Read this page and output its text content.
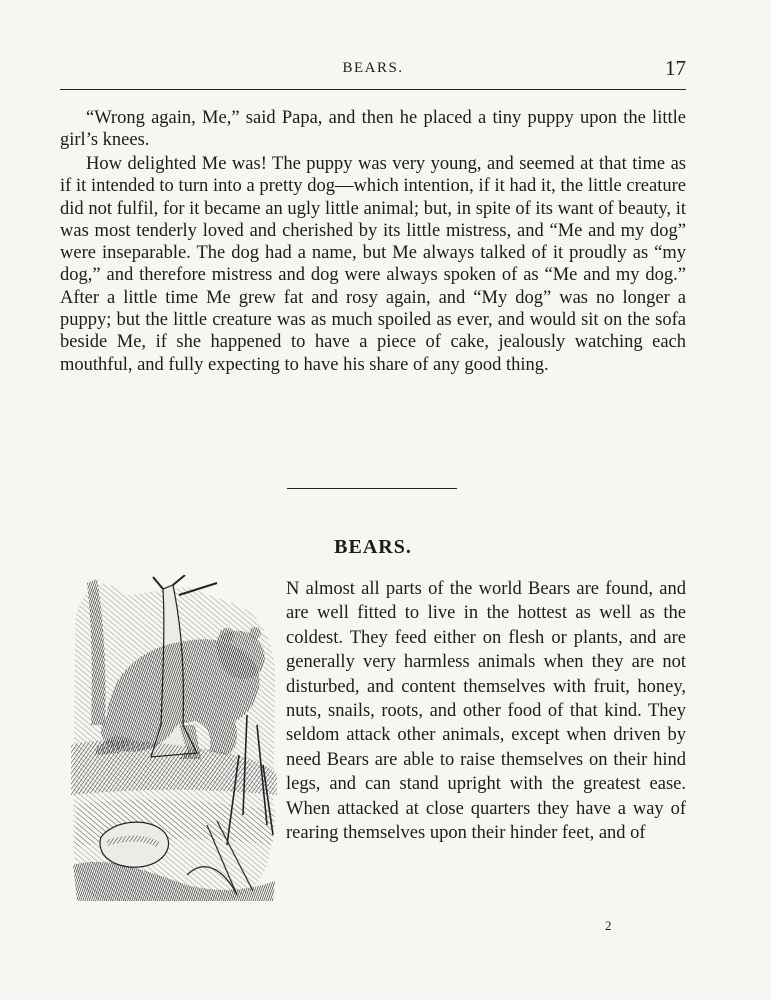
BEARS.	17

“Wrong again, Me,” said Papa, and then he placed a tiny puppy upon the little girl’s knees.

How delighted Me was! The puppy was very young, and seemed at that time as if it intended to turn into a pretty dog—which intention, if it had it, the little creature did not fulfil, for it became an ugly little animal; but, in spite of its want of beauty, it was most tenderly loved and cherished by its little mistress, and “Me and my dog” were inseparable. The dog had a name, but Me always talked of it proudly as “my dog,” and therefore mistress and dog were always spoken of as “Me and my dog.” After a little time Me grew fat and rosy again, and “My dog” was no longer a puppy; but the little creature was as much spoiled as ever, and would sit on the sofa beside Me, if she happened to have a piece of cake, jealously watching each mouthful, and fully expecting to have his share of any good thing.

BEARS.

N almost all parts of the world Bears are found, and are well fitted to live in the hottest as well as the coldest. They feed either on flesh or plants, and are generally very harmless animals when they are not disturbed, and content themselves with fruit, honey, nuts, snails, roots, and other food of that kind. They seldom attack other animals, except when driven by need Bears are able to raise themselves on their hind legs, and can stand upright with the greatest ease. When attacked at close quarters they have a way of rearing themselves upon their hinder feet, and of

2
